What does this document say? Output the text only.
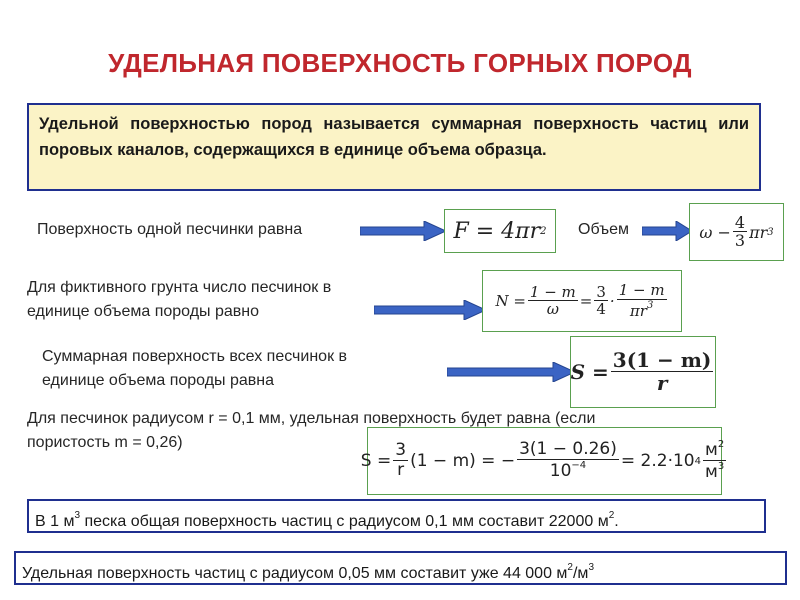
УДЕЛЬНАЯ ПОВЕРХНОСТЬ ГОРНЫХ ПОРОД
Удельной поверхностью пород называется суммарная поверхность частиц или поровых каналов, содержащихся в единице объема образца.
Поверхность одной песчинки равна	F = 4πr 2 Объем	$\omega - \frac{4}{3}$ πr 3
Для фиктивного грунта число песчинок в
единице объема породы равно
$N = \frac{1 - m}{\omega} = \frac{3}{4} \cdot \frac{1 - m}{\pi r^3}$
Суммарная поверхность всех песчинок в
единице объема породы равна	$S = \frac{3(1 - m)}{r}$
Для песчинок радиусом r = 0,1 мм, удельная поверхность будет равна (если
пористость m = 0,26)
$S = \frac{3}{r} (1 - m)$ = − $\frac{3(1 - 0.26)}{10^{-4}} = 2.2\cdot 10$ $4 \frac{м^2}{м^3}$
В 1 $м^3$ песка общая поверхность частиц с радиусом 0,1 мм составит 22000 $м^2$.
Удельная поверхность частиц с радиусом 0,05 мм составит уже 44 000 $м^2/м^3$
